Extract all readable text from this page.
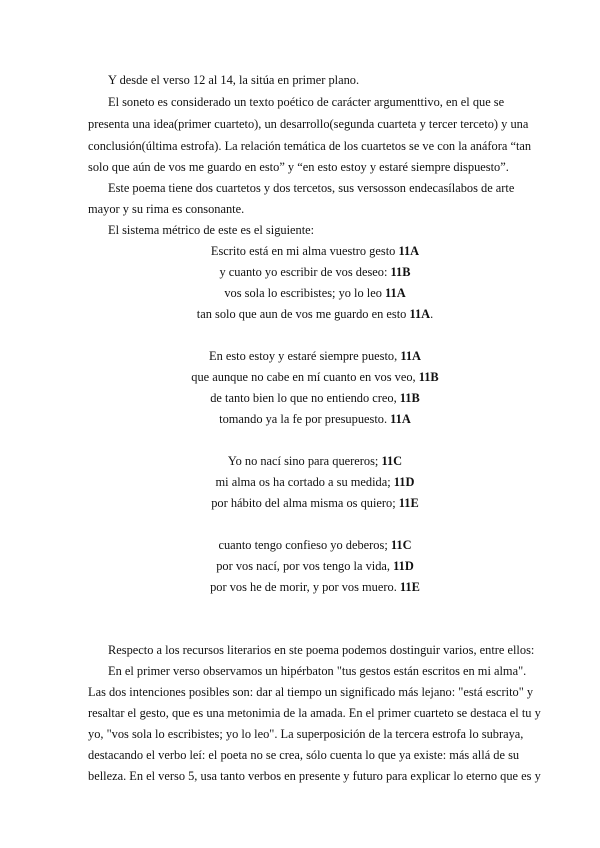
Y desde el verso 12 al 14, la sitúa en primer plano.
El soneto es considerado un texto poético de carácter argumenttivo, en el que se
presenta una idea(primer cuarteto), un desarrollo(segunda cuarteta y tercer terceto) y una
conclusión(última estrofa). La relación temática de los cuartetos se ve con la anáfora “tan
solo que aún de vos me guardo en esto” y “en esto estoy y estaré siempre dispuesto”.
Este poema tiene dos cuartetos y dos tercetos, sus versosson endecasílabos de arte
mayor y su rima es consonante.
El sistema métrico de este es el siguiente:
Escrito está en mi alma vuestro gesto 11A
y cuanto yo escribir de vos deseo: 11B
vos sola lo escribistes; yo lo leo 11A
tan solo que aun de vos me guardo en esto 11A.
En esto estoy y estaré siempre puesto, 11A
que aunque no cabe en mí cuanto en vos veo, 11B
de tanto bien lo que no entiendo creo, 11B
tomando ya la fe por presupuesto. 11A
Yo no nací sino para quereros; 11C
mi alma os ha cortado a su medida; 11D
por hábito del alma misma os quiero; 11E
cuanto tengo confieso yo deberos; 11C
por vos nací, por vos tengo la vida, 11D
por vos he de morir, y por vos muero. 11E
Respecto a los recursos literarios en ste poema podemos dostinguir varios, entre ellos:
En el primer verso observamos un hipérbaton "tus gestos están escritos en mi alma".
Las dos intenciones posibles son: dar al tiempo un significado más lejano: "está escrito" y
resaltar el gesto, que es una metonimia de la amada. En el primer cuarteto se destaca el tu y
yo, "vos sola lo escribistes; yo lo leo". La superposición de la tercera estrofa lo subraya,
destacando el verbo leí: el poeta no se crea, sólo cuenta lo que ya existe: más allá de su
belleza. En el verso 5, usa tanto verbos en presente y futuro para explicar lo eterno que es y
